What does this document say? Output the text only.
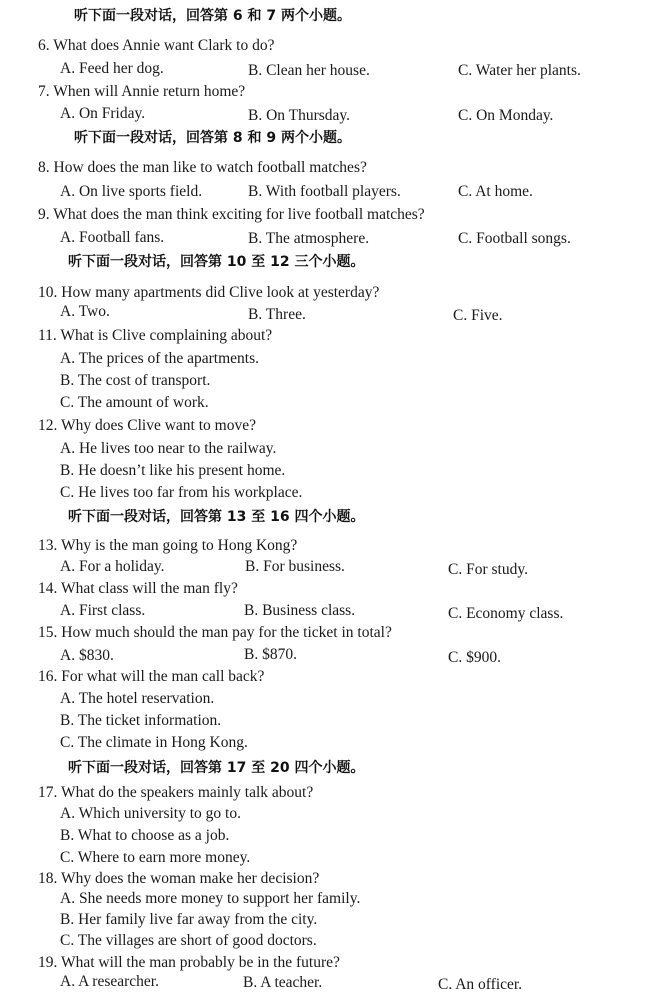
听下面一段对话，回答第 6 和 7 两个小题。
6. What does Annie want Clark to do?
A. Feed her dog.	B. Clean her house.	C. Water her plants.
7. When will Annie return home?
A. On Friday.	B. On Thursday.	C. On Monday.
听下面一段对话，回答第 8 和 9 两个小题。
8. How does the man like to watch football matches?
A. On live sports field.	B. With football players.	C. At home.
9. What does the man think exciting for live football matches?
A. Football fans.	B. The atmosphere.	C. Football songs.
听下面一段对话，回答第 10 至 12 三个小题。
10. How many apartments did Clive look at yesterday?
A. Two.	B. Three.	C. Five.
11. What is Clive complaining about?
A. The prices of the apartments.
B. The cost of transport.
C. The amount of work.
12. Why does Clive want to move?
A. He lives too near to the railway.
B. He doesn’t like his present home.
C. He lives too far from his workplace.
听下面一段对话，回答第 13 至 16 四个小题。
13. Why is the man going to Hong Kong?
A. For a holiday.	B. For business.	C. For study.
14. What class will the man fly?
A. First class.	B. Business class.	C. Economy class.
15. How much should the man pay for the ticket in total?
A. $830.	B. $870.	C. $900.
16. For what will the man call back?
A. The hotel reservation.
B. The ticket information.
C. The climate in Hong Kong.
听下面一段对话，回答第 17 至 20 四个小题。
17. What do the speakers mainly talk about?
A. Which university to go to.
B. What to choose as a job.
C. Where to earn more money.
18. Why does the woman make her decision?
A. She needs more money to support her family.
B. Her family live far away from the city.
C. The villages are short of good doctors.
19. What will the man probably be in the future?
A. A researcher.	B. A teacher.	C. An officer.
